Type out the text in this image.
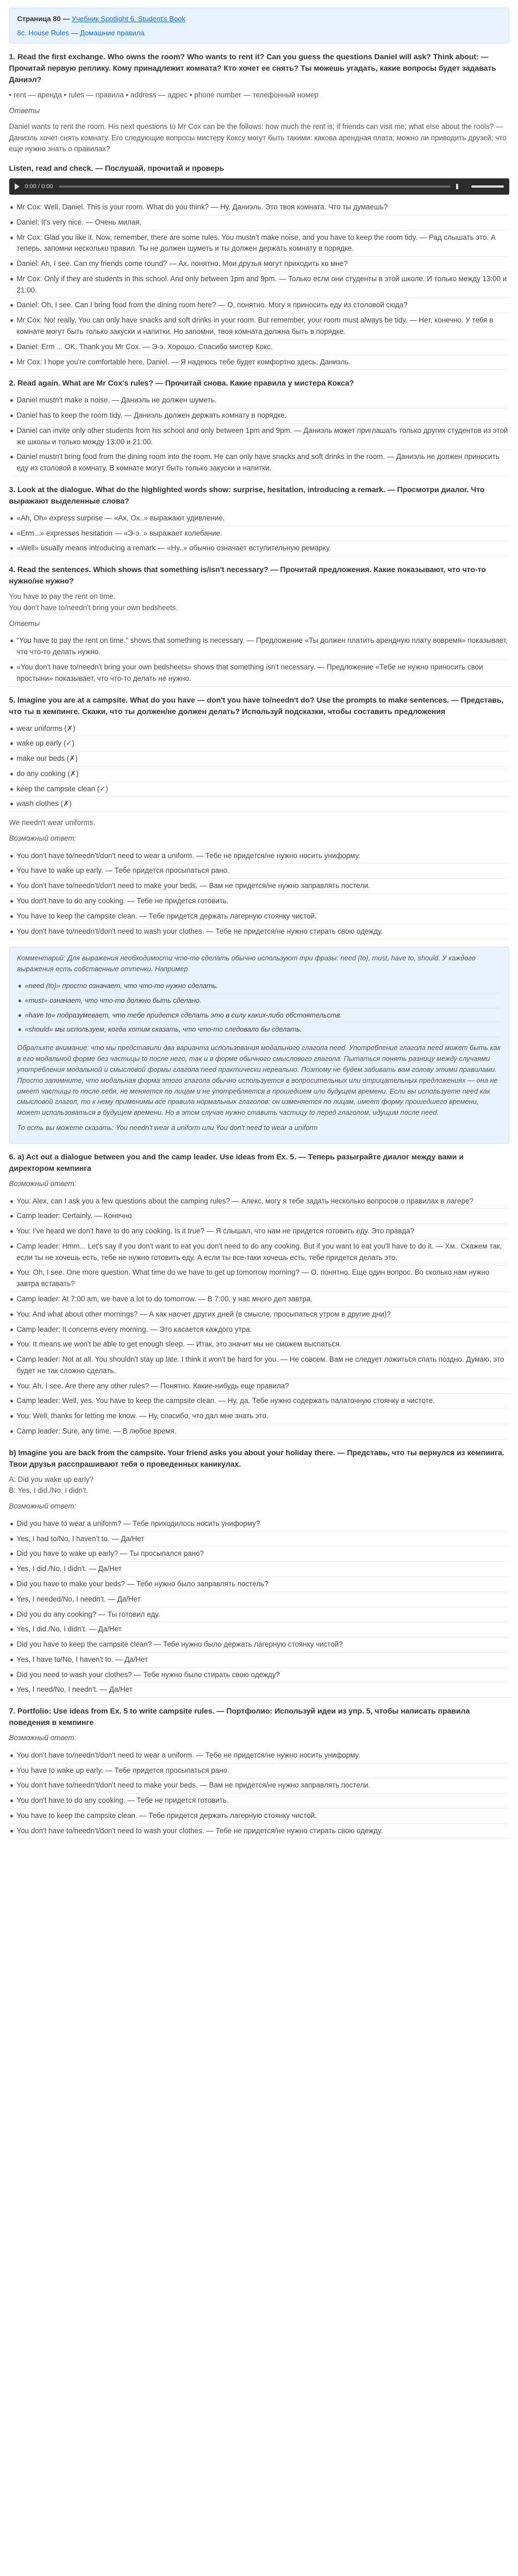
Страница 80 — Учебник Spotlight 6. Student's Book
8c. House Rules — Домашние правила
1. Read the first exchange. Who owns the room? Who wants to rent it? Can you guess the questions Daniel will ask? Think about: — Прочитай первую реплику. Кому принадлежит комната? Кто хочет ее снять? Ты можешь угадать, какие вопросы будет задавать Даниэл?

• rent — аренда • rules — правила • address — адрес • phone number — телефонный номер

Ответы

Daniel wants to rent the room. His next questions to Mr Cox can be the follows: how much the rent is; if friends can visit me; what else about the rools? — Даниэль хочет снять комнату. Его следующие вопросы мистеру Коксу могут быть такими: какова арендная плата; можно ли приводить друзей; что еще нужно знать о правилах?

Listen, read and check. — Послушай, прочитай и проверь
0:00 / 0:00
Mr Cox: Well, Daniel. This is your room. What do you think? — Ну, Даниэль. Это твоя комната. Что ты думаешь?
Daniel: It's very nice. — Очень милая.
Mr Cox: Glad you like it. Now, remember, there are some rules. You mustn't make noise, and you have to keep the room tidy. — Рад слышать это. А теперь, запомни несколько правил. Ты не должен шуметь и ты должен держать комнату в порядке.
Daniel: Ah, I see. Can my friends come round? — Ах, понятно. Мои друзья могут приходить ко мне?
Mr Cox: Only if they are students in this school. And only between 1pm and 9pm. — Только если они студенты в этой школе. И только между 13:00 и 21:00.
Daniel: Oh, I see. Can I bring food from the dining room here? — О, понятно. Могу я приносить еду из столовой сюда?
Mr Cox: No! really. You can only have snacks and soft drinks in your room. But remember, your room must always be tidy. — Нет, конечно. У тебя в комнате могут быть только закуски и напитки. Но запомни, твоя комната должна быть в порядке.
Daniel: Erm ... OK. Thank you Mr Cox. — Э-э. Хорошо. Спасибо мистер Кокс.
Mr Cox: I hope you're comfortable here, Daniel. — Я надеюсь тебе будет комфортно здесь, Даниэль.
2. Read again. What are Mr Cox's rules? — Прочитай снова. Какие правила у мистера Кокса?
Daniel mustn't make a noise. — Даниэль не должен шуметь.
Daniel has to keep the room tidy. — Даниэль должен держать комнату в порядке.
Daniel can invite only other students from his school and only between 1pm and 9pm. — Даниэль может приглашать только других студентов из этой же школы и только между 13:00 и 21:00.
Daniel mustn't bring food from the dining room into the room. He can only have snacks and soft drinks in the room. — Даниэль не должен приносить еду из столовой в комнату. В комнате могут быть только закуски и напитки.
3. Look at the dialogue. What do the highlighted words show: surprise, hesitation, introducing a remark. — Просмотри диалог. Что выражают выделенные слова?
«Ah, Oh» express surprise — «Ах, Ох..» выражают удивление.
«Erm...» expresses hesitation — «Э-э..» выражает колебание.
«Well» usually means introducing a remark — «Ну..» обычно означает вступительную ремарку.
4. Read the sentences. Which shows that something is/isn't necessary? — Прочитай предложения. Какие показывают, что что-то нужно/не нужно?

You have to pay the rent on time.

You don't have to/needn't bring your own bedsheets.

Ответы

"You have to pay the rent on time." shows that something is necessary. — Предложение «Ты должен платить арендную плату вовремя» показывает, что что-то делать нужно.
«You don't have to/needn't bring your own bedsheets» shows that something isn't necessary. — Предложение «Тебе не нужно приносить свои простыни» показывает, что что-то делать не нужно.
5. Imagine you are at a campsite. What do you have — don't you have to/needn't do? Use the prompts to make sentences. — Представь, что ты в кемпинге. Скажи, что ты должен/не должен делать? Используй подсказки, чтобы составить предложения
wear uniforms (✗)
wake up early (✓)
make our beds (✗)
do any cooking (✗)
keep the campsite clean (✓)
wash clothes (✗)

We needn't wear uniforms.

Возможный ответ:

You don't have to/needn't/don't need to wear a uniform. — Тебе не придется/не нужно носить униформу.
You have to wake up early. — Тебе придется просыпаться рано.
You don't have to/needn't/don't need to make your beds. — Вам не придется/не нужно заправлять постели.
You don't have to do any cooking. — Тебе не придется готовить.
You have to keep the campsite clean. — Тебе придется держать лагерную стоянку чистой.
You don't have to/needn't/don't need to wash your clothes. — Тебе не придется/не нужно стирать свою одежду.

Комментарий: Для выражения необходимости что-то сделать обычно используют три фразы: need (to), must, have to, should. У каждого выражения есть собственные оттенки. Например

«need (to)» просто означает, что что-то нужно сделать.
«must» означает, что что-то должно быть сделано.
«have to» подразумевает, что тебе придется сделать это в силу каких-либо обстоятельств.
«should» мы используем, когда хотим сказать, что что-то следовало бы сделать.

Обратите внимание: что мы представили два варианта использования модального глагола need. Употребление глагола need может быть как в его модальной форме без частицы to после него, так и в форме обычного смыслового глагола. Пытаться понять разницу между случаями употребления модальной и смысловой формы глагола need практически нереально. Поэтому не будем забивать вам голову этими правилами. Просто запомните, что модальная форма этого глагола обычно используется в вопросительных или отрицательных предложениях — она не имеет частицы to после себя, не меняется по лицам и не употребляется в прошедшем или будущем времени. Если вы используете need как смысловой глагол, то к нему применимы все правила нормальных глаголов: он изменяется по лицам, имеет форму прошедшего времени, может использоваться в будущем времени. Но в этом случае нужно ставить частицу to перед глаголом, идущим после need.

То есть вы можете сказать: You needn't wear a uniform или You don't need to wear a uniform

6. a) Act out a dialogue between you and the camp leader. Use ideas from Ex. 5. — Теперь разыграйте диалог между вами и директором кемпинга

Возможный ответ:

You: Alex, can I ask you a few questions about the camping rules? — Алекс, могу я тебе задать несколько вопросов о правилах в лагере?
Camp leader: Certainly. — Конечно
You: I've heard we don't have to do any cooking. Is it true? — Я слышал, что нам не придется готовить еду. Это правда?
Camp leader: Hmm... Let's say if you don't want to eat you don't need to do any cooking. But if you want to eat you'll have to do it. — Хм.. Скажем так, если ты не хочешь есть, тебе не нужно готовить еду. А если ты все-таки хочешь есть, тебе придется делать это.
You: Oh, I see. One more question. What time do we have to get up tomorrow morning? — О, понятно. Еще один вопрос. Во сколько нам нужно завтра вставать?
Camp leader: At 7:00 am, we have a lot to do tomorrow. — В 7:00, у нас много дел завтра.
You: And what about other mornings? — А как насчет других дней (в смысле, просыпаться утром в другие дни)?
Camp leader: It concerns every morning. — Это касается каждого утра.
You: It means we won't be able to get enough sleep. — Итак, это значит мы не сможем выспаться.
Camp leader: Not at all. You shouldn't stay up late. I think it won't be hard for you. — Не совсем. Вам не следует ложиться спать поздно. Думаю, это будет не так сложно сделать.
You: Ah, I see. Are there any other rules? — Понятно. Какие-нибудь еще правила?
Camp leader: Well, yes. You have to keep the campsite clean. — Ну, да. Тебе нужно содержать палаточную стоянку в чистоте.
You: Well, thanks for letting me know. — Ну, спасибо, что дал мне знать это.
Camp leader: Sure, any time. — В любое время.
b) Imagine you are back from the campsite. Your friend asks you about your holiday there. — Представь, что ты вернулся из кемпинга. Твои друзья расспрашивают тебя о проведенных каникулах.

A: Did you wake up early?

B: Yes, I did./No, I didn't.

Возможный ответ:

Did you have to wear a uniform? — Тебе приходилось носить униформу?
Yes, I had to/No, I haven't to. — Да/Нет
Did you have to wake up early? — Ты просыпался рано?
Yes, I did./No, I didn't. — Да/Нет
Did you have to make your beds? — Тебе нужно было заправлять постель?
Yes, I needed/No, I needn't. — Да/Нет
Did you do any cooking? — Ты готовил еду.
Yes, I did./No, I didn't. — Да/Нет
Did you have to keep the campsite clean? — Тебе нужно было держать лагерную стоянку чистой?
Yes, I have to/No, I haven't to. — Да/Нет
Did you need to wash your clothes? — Тебе нужно было стирать свою одежду?
Yes, I need/No, I needn't. — Да/Нет
7. Portfolio: Use ideas from Ex. 5 to write campsite rules. — Портфолио: Используй идеи из упр. 5, чтобы написать правила поведения в кемпинге

Возможный ответ:

You don't have to/needn't/don't need to wear a uniform. — Тебе не придется/не нужно носить униформу.
You have to wake up early. — Тебе придется просыпаться рано.
You don't have to/needn't/don't need to make your beds. — Вам не придется/не нужно заправлять постели.
You don't have to do any cooking. — Тебе не придется готовить.
You have to keep the campsite clean. — Тебе придется держать лагерную стоянку чистой.
You don't have to/needn't/don't need to wash your clothes. — Тебе не придется/не нужно стирать свою одежду.
